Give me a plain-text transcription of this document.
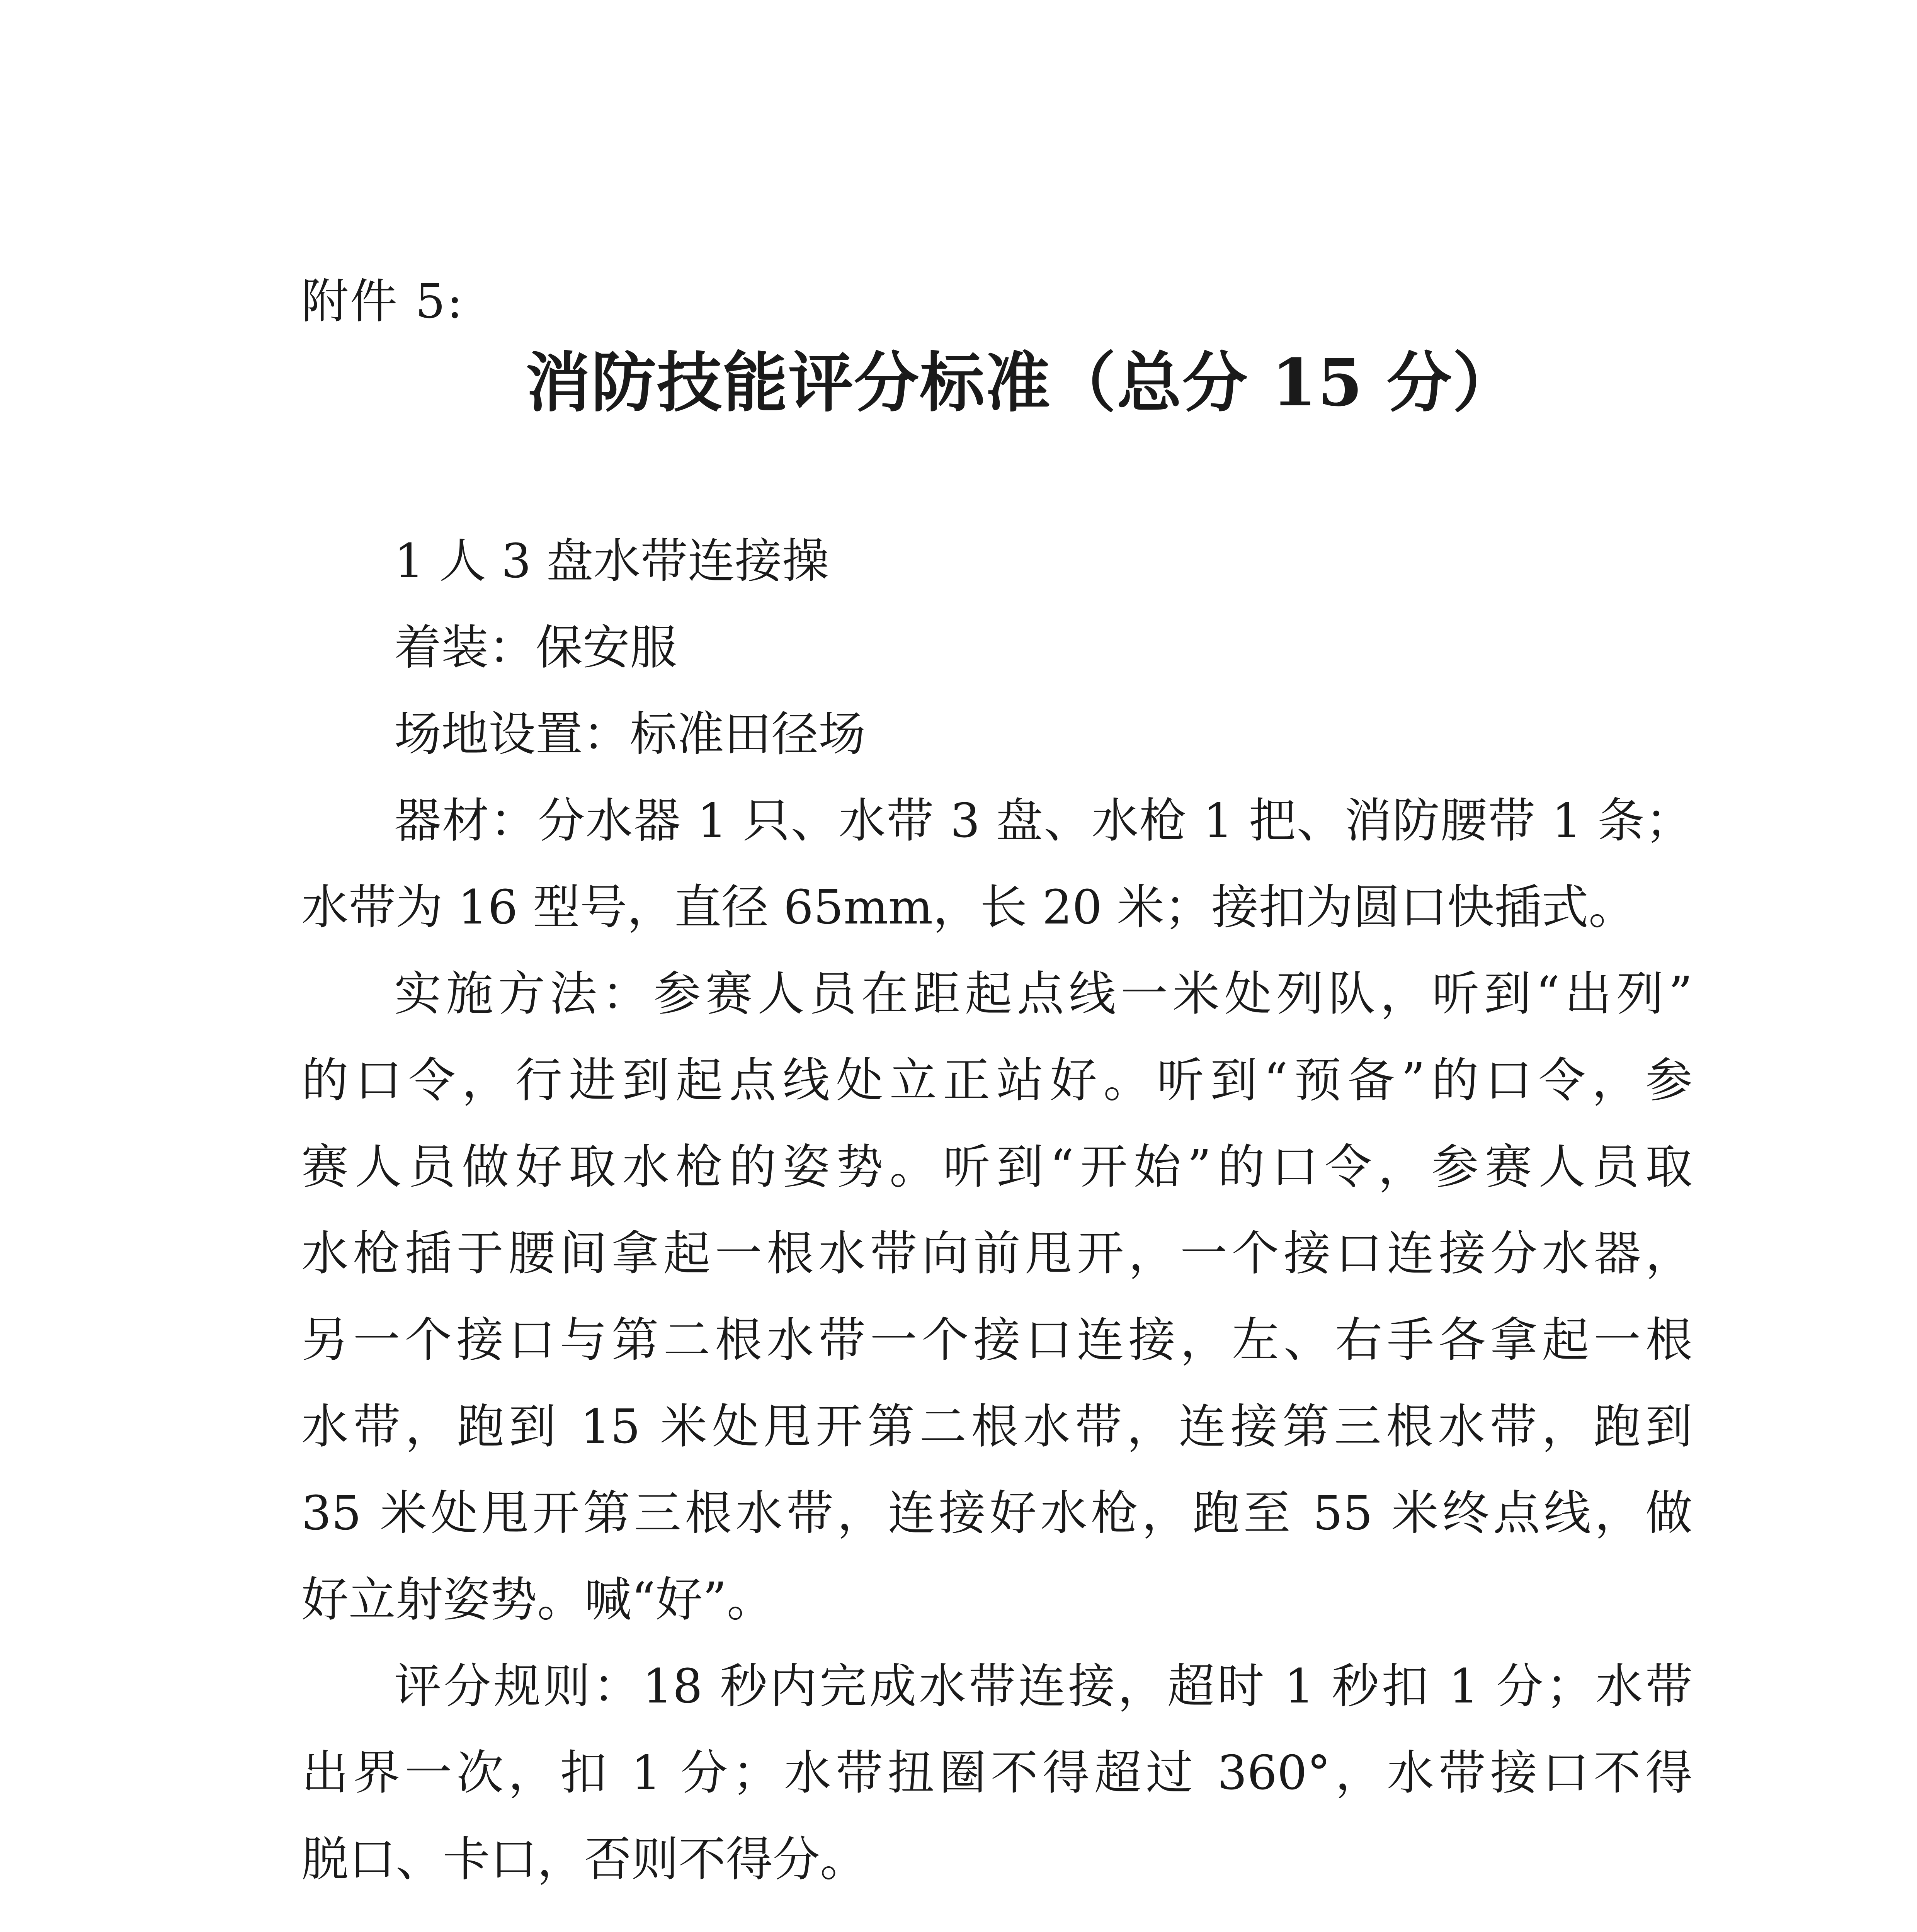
附件 5:
消防技能评分标准（总分 15 分）
1 人 3 盘水带连接操
着装：保安服
场地设置：标准田径场
器材：分水器 1 只、水带 3 盘、水枪 1 把、消防腰带 1 条；
水带为 16 型号，直径 65mm，长 20 米；接扣为圆口快插式。
实施方法：参赛人员在距起点线一米处列队，听到“出列”
的口令，行进到起点线处立正站好。听到“预备”的口令，参
赛人员做好取水枪的姿势。听到“开始”的口令，参赛人员取
水枪插于腰间拿起一根水带向前甩开，一个接口连接分水器，
另一个接口与第二根水带一个接口连接，左、右手各拿起一根
水带，跑到 15 米处甩开第二根水带，连接第三根水带，跑到
35 米处甩开第三根水带，连接好水枪，跑至 55 米终点线，做
好立射姿势。喊“好”。
评分规则：18 秒内完成水带连接，超时 1 秒扣 1 分；水带
出界一次，扣 1 分；水带扭圈不得超过 360°，水带接口不得
脱口、卡口，否则不得分。
